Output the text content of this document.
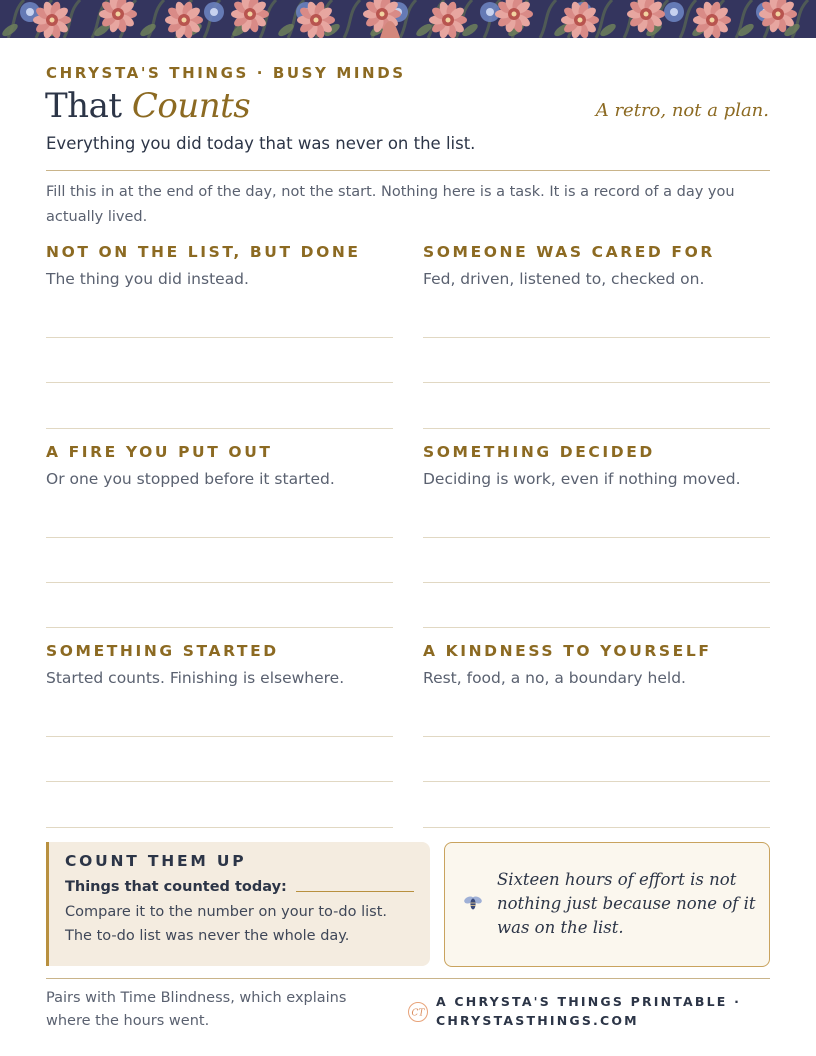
CHRYSTA'S THINGS · BUSY MINDS
That Counts	A retro, not a plan.
Everything you did today that was never on the list.
Fill this in at the end of the day, not the start. Nothing here is a task. It is a record of a day you actually lived.
NOT ON THE LIST, BUT DONE
The thing you did instead.
SOMEONE WAS CARED FOR
Fed, driven, listened to, checked on.
A FIRE YOU PUT OUT
Or one you stopped before it started.
SOMETHING DECIDED
Deciding is work, even if nothing moved.
SOMETHING STARTED
Started counts. Finishing is elsewhere.
A KINDNESS TO YOURSELF
Rest, food, a no, a boundary held.
COUNT THEM UP
Things that counted today:
Compare it to the number on your to-do list. The to-do list was never the whole day.
Sixteen hours of effort is not nothing just because none of it was on the list.
Pairs with Time Blindness, which explains where the hours went.	CT
A CHRYSTA'S THINGS PRINTABLE ·
CHRYSTASTHINGS.COM
